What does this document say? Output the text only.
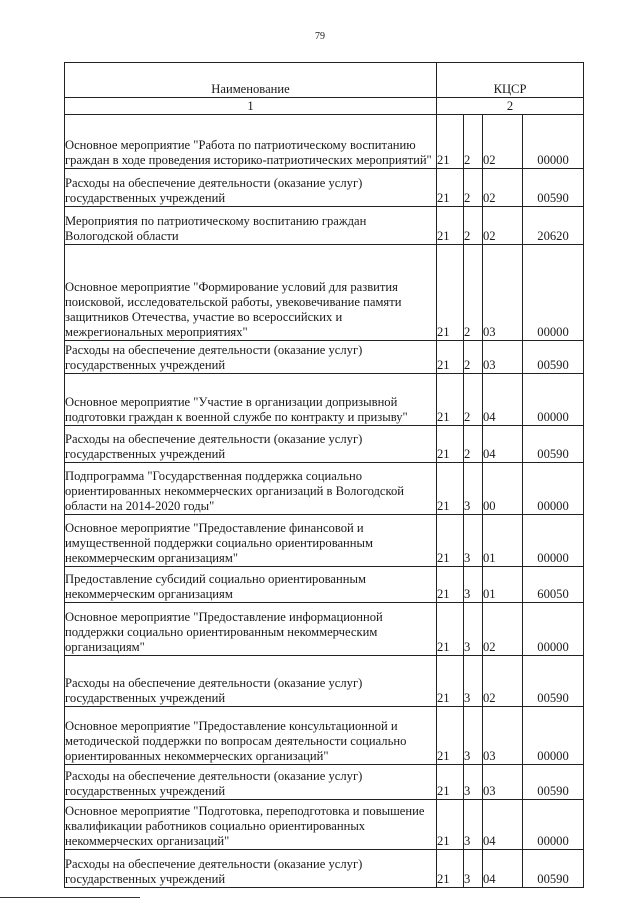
79
Наименование	КЦСР			
1	2			
Основное мероприятие "Работа по патриотическому воспитанию граждан в ходе проведения историко-патриотических мероприятий"	21	2	02	00000
Расходы на обеспечение деятельности (оказание услуг) государственных учреждений	21	2	02	00590
Мероприятия по патриотическому воспитанию граждан Вологодской области	21	2	02	20620
Основное мероприятие "Формирование условий для развития поисковой, исследовательской работы, увековечивание памяти защитников Отечества, участие во всероссийских и межрегиональных мероприятиях"	21	2	03	00000
Расходы на обеспечение деятельности (оказание услуг) государственных учреждений	21	2	03	00590
Основное мероприятие "Участие в организации допризывной подготовки граждан к военной службе по контракту и призыву"	21	2	04	00000
Расходы на обеспечение деятельности (оказание услуг) государственных учреждений	21	2	04	00590
Подпрограмма "Государственная поддержка социально ориентированных некоммерческих организаций в Вологодской области на 2014-2020 годы"	21	3	00	00000
Основное мероприятие "Предоставление финансовой и имущественной поддержки социально ориентированным некоммерческим организациям"	21	3	01	00000
Предоставление субсидий социально ориентированным некоммерческим организациям	21	3	01	60050
Основное мероприятие "Предоставление информационной поддержки социально ориентированным некоммерческим организациям"	21	3	02	00000
Расходы на обеспечение деятельности (оказание услуг) государственных учреждений	21	3	02	00590
Основное мероприятие "Предоставление консультационной и методической поддержки по вопросам деятельности социально ориентированных некоммерческих организаций"	21	3	03	00000
Расходы на обеспечение деятельности (оказание услуг) государственных учреждений	21	3	03	00590
Основное мероприятие "Подготовка, переподготовка и повышение квалификации работников социально ориентированных некоммерческих организаций"	21	3	04	00000
Расходы на обеспечение деятельности (оказание услуг) государственных учреждений	21	3	04	00590
